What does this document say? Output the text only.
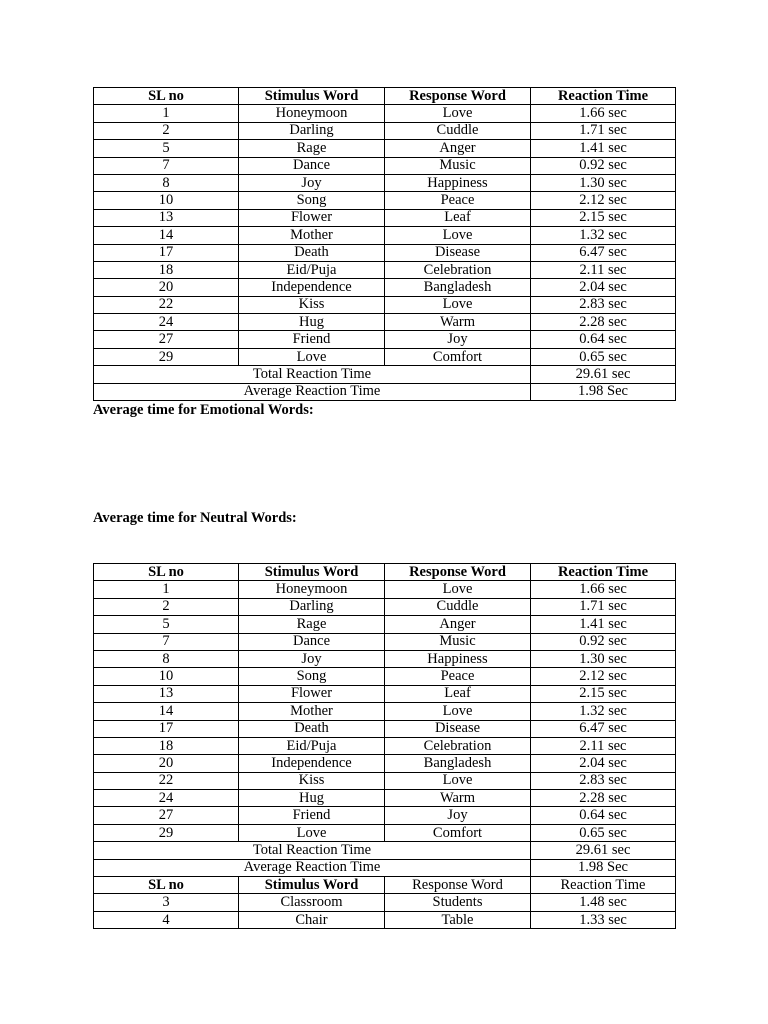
SL no	Stimulus Word	Response Word	Reaction Time
1	Honeymoon	Love	1.66 sec
2	Darling	Cuddle	1.71 sec
5	Rage	Anger	1.41 sec
7	Dance	Music	0.92 sec
8	Joy	Happiness	1.30 sec
10	Song	Peace	2.12 sec
13	Flower	Leaf	2.15 sec
14	Mother	Love	1.32 sec
17	Death	Disease	6.47 sec
18	Eid/Puja	Celebration	2.11 sec
20	Independence	Bangladesh	2.04 sec
22	Kiss	Love	2.83 sec
24	Hug	Warm	2.28 sec
27	Friend	Joy	0.64 sec
29	Love	Comfort	0.65 sec
Total Reaction Time			29.61 sec
Average Reaction Time			1.98 Sec
Average time for Emotional Words:
Average time for Neutral Words:
SL no	Stimulus Word	Response Word	Reaction Time
1	Honeymoon	Love	1.66 sec
2	Darling	Cuddle	1.71 sec
5	Rage	Anger	1.41 sec
7	Dance	Music	0.92 sec
8	Joy	Happiness	1.30 sec
10	Song	Peace	2.12 sec
13	Flower	Leaf	2.15 sec
14	Mother	Love	1.32 sec
17	Death	Disease	6.47 sec
18	Eid/Puja	Celebration	2.11 sec
20	Independence	Bangladesh	2.04 sec
22	Kiss	Love	2.83 sec
24	Hug	Warm	2.28 sec
27	Friend	Joy	0.64 sec
29	Love	Comfort	0.65 sec
Total Reaction Time			29.61 sec
Average Reaction Time			1.98 Sec
SL no	Stimulus Word	Response Word	Reaction Time
3	Classroom	Students	1.48 sec
4	Chair	Table	1.33 sec
